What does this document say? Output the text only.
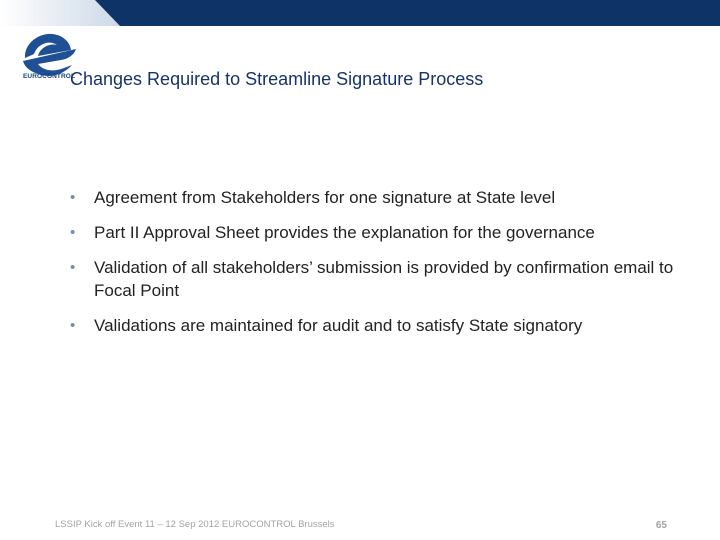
EUROCONTROL
Changes Required to Streamline Signature Process
• Agreement from Stakeholders for one signature at State level
• Part II Approval Sheet provides the explanation for the governance
• Validation of all stakeholders’ submission is provided by confirmation email to Focal Point
• Validations are maintained for audit and to satisfy State signatory
LSSIP Kick off Event 11 – 12 Sep 2012 EUROCONTROL Brussels	65
